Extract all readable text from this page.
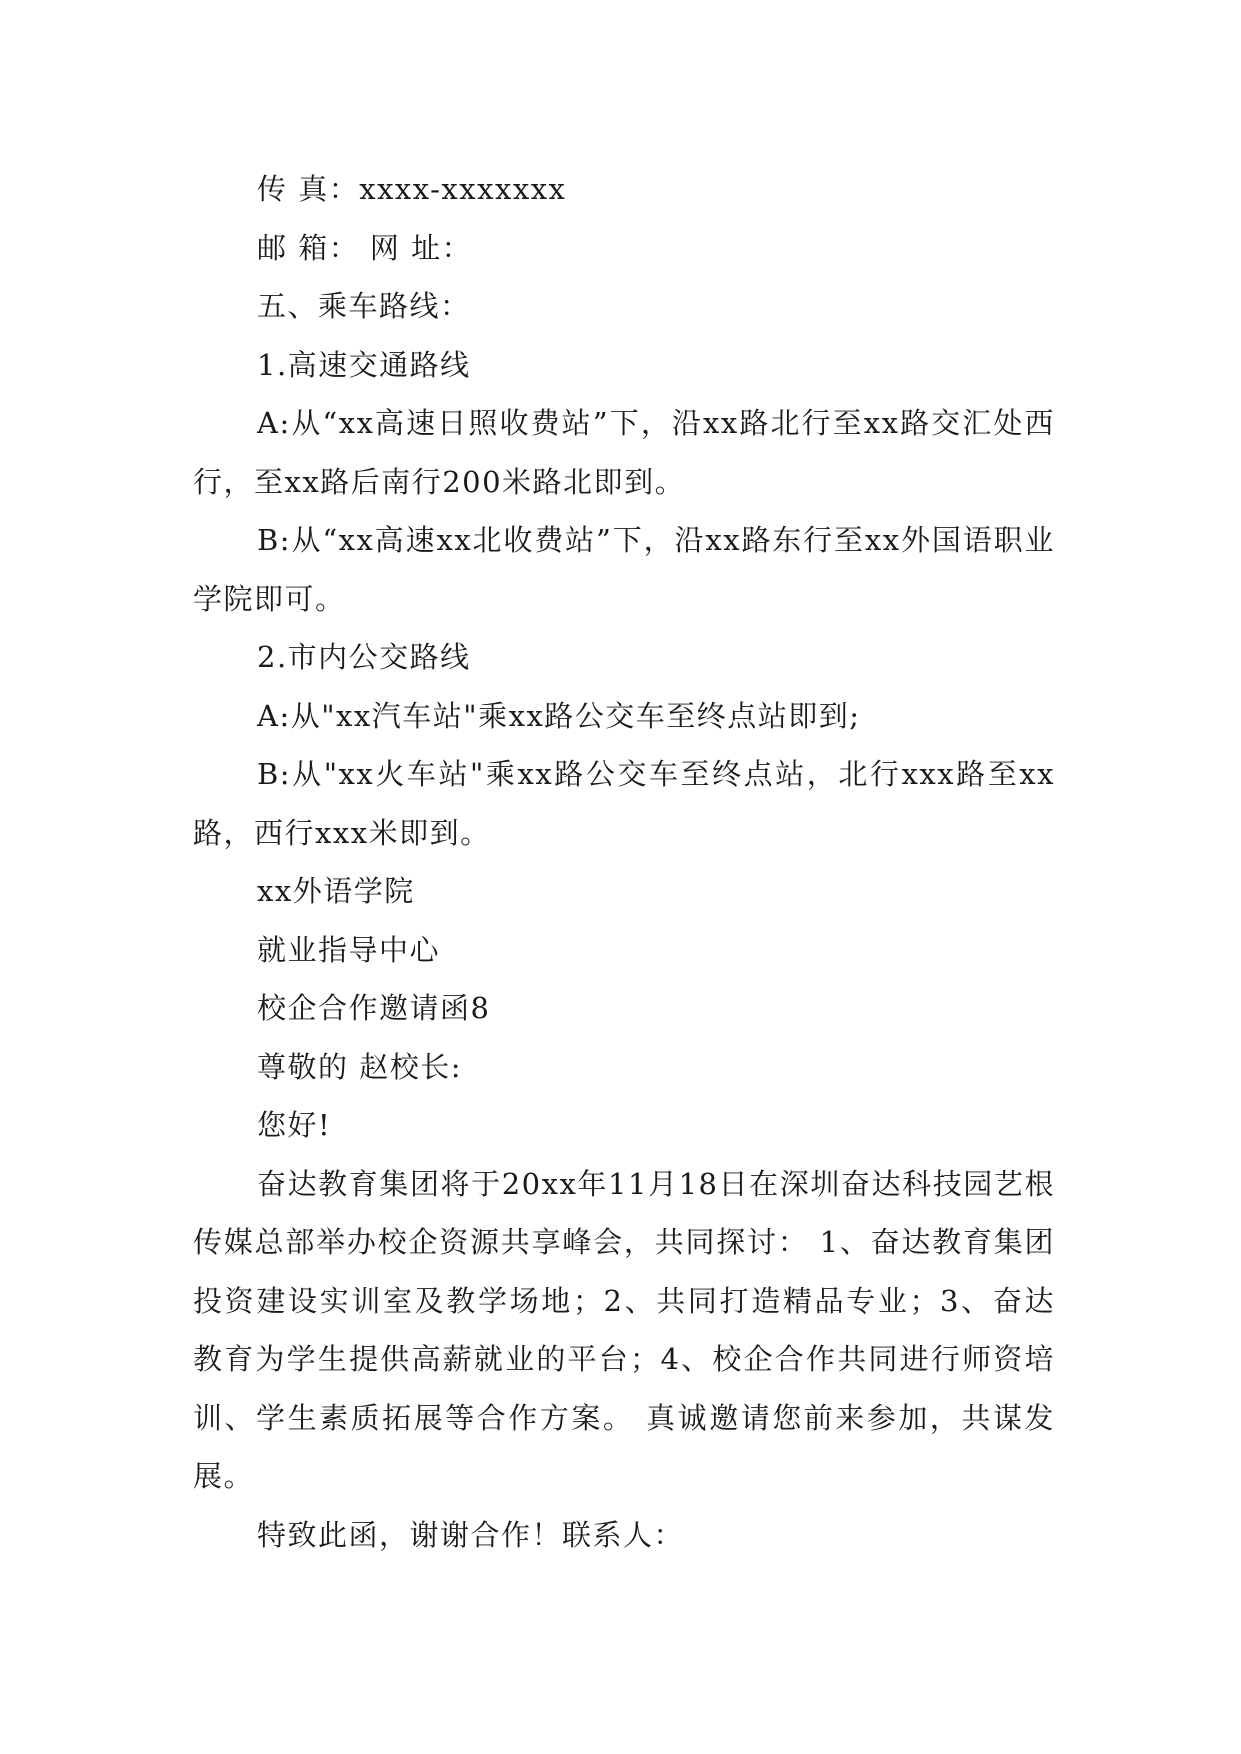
传 真：xxxx-xxxxxxx

邮 箱： 网 址：

五、乘车路线：

1.高速交通路线

A:从“xx高速日照收费站”下，沿xx路北行至xx路交汇处西行，至xx路后南行200米路北即到。

B:从“xx高速xx北收费站”下，沿xx路东行至xx外国语职业学院即可。

2.市内公交路线

A:从"xx汽车站"乘xx路公交车至终点站即到;

B:从"xx火车站"乘xx路公交车至终点站，北行xxx路至xx路，西行xxx米即到。

xx外语学院

就业指导中心

校企合作邀请函8

尊敬的 赵校长:

您好!

奋达教育集团将于20xx年11月18日在深圳奋达科技园艺根传媒总部举办校企资源共享峰会，共同探讨： 1、奋达教育集团投资建设实训室及教学场地；2、共同打造精品专业；3、奋达教育为学生提供高薪就业的平台；4、校企合作共同进行师资培训、学生素质拓展等合作方案。 真诚邀请您前来参加，共谋发展。

特致此函，谢谢合作！联系人：
